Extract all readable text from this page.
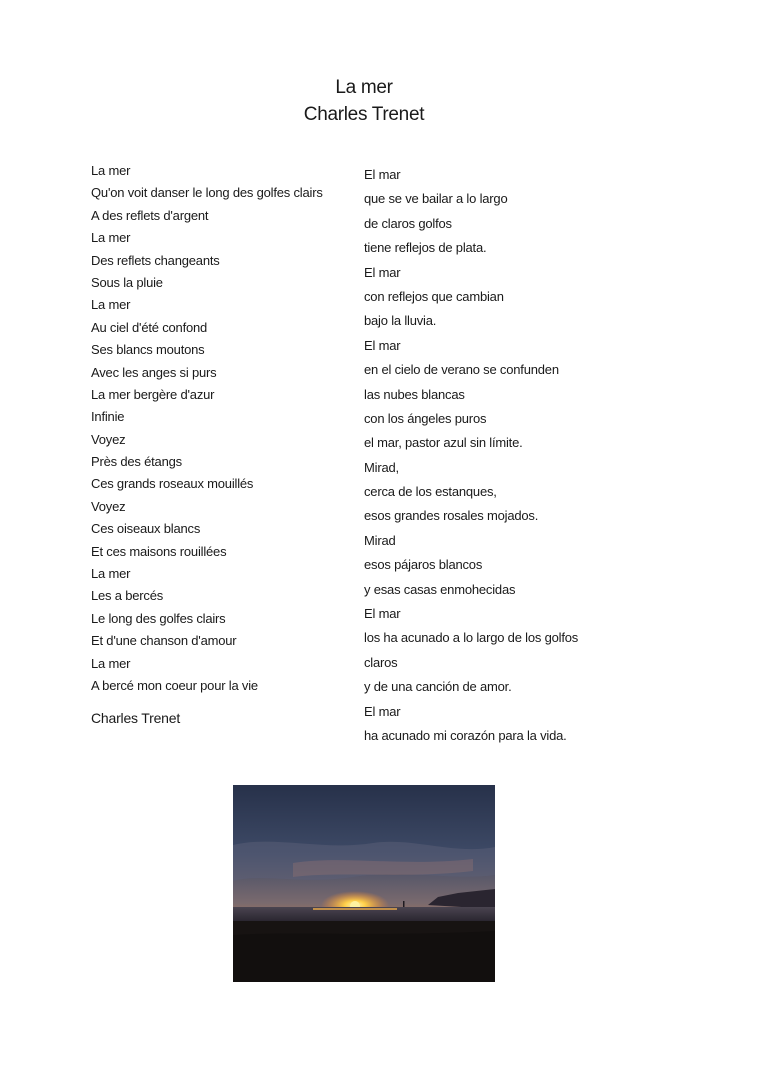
La mer
Charles Trenet
La mer
Qu'on voit danser le long des golfes clairs
A des reflets d'argent
La mer
Des reflets changeants
Sous la pluie
La mer
Au ciel d'été confond
Ses blancs moutons
Avec les anges si purs
La mer bergère d'azur
Infinie
Voyez
Près des étangs
Ces grands roseaux mouillés
Voyez
Ces oiseaux blancs
Et ces maisons rouillées
La mer
Les a bercés
Le long des golfes clairs
Et d'une chanson d'amour
La mer
A bercé mon coeur pour la vie
Charles Trenet
El mar
que se ve bailar a lo largo
de claros golfos
tiene reflejos de plata.
El mar
con reflejos que cambian
bajo la lluvia.
El mar
en el cielo de verano se confunden
las nubes blancas
con los ángeles puros
el mar, pastor azul sin límite.
Mirad,
cerca de los estanques,
esos grandes rosales mojados.
Mirad
esos pájaros blancos
y esas casas enmohecidas
El mar
los ha acunado a lo largo de los golfos
claros
y de una canción de amor.
El mar
ha acunado mi corazón para la vida.
